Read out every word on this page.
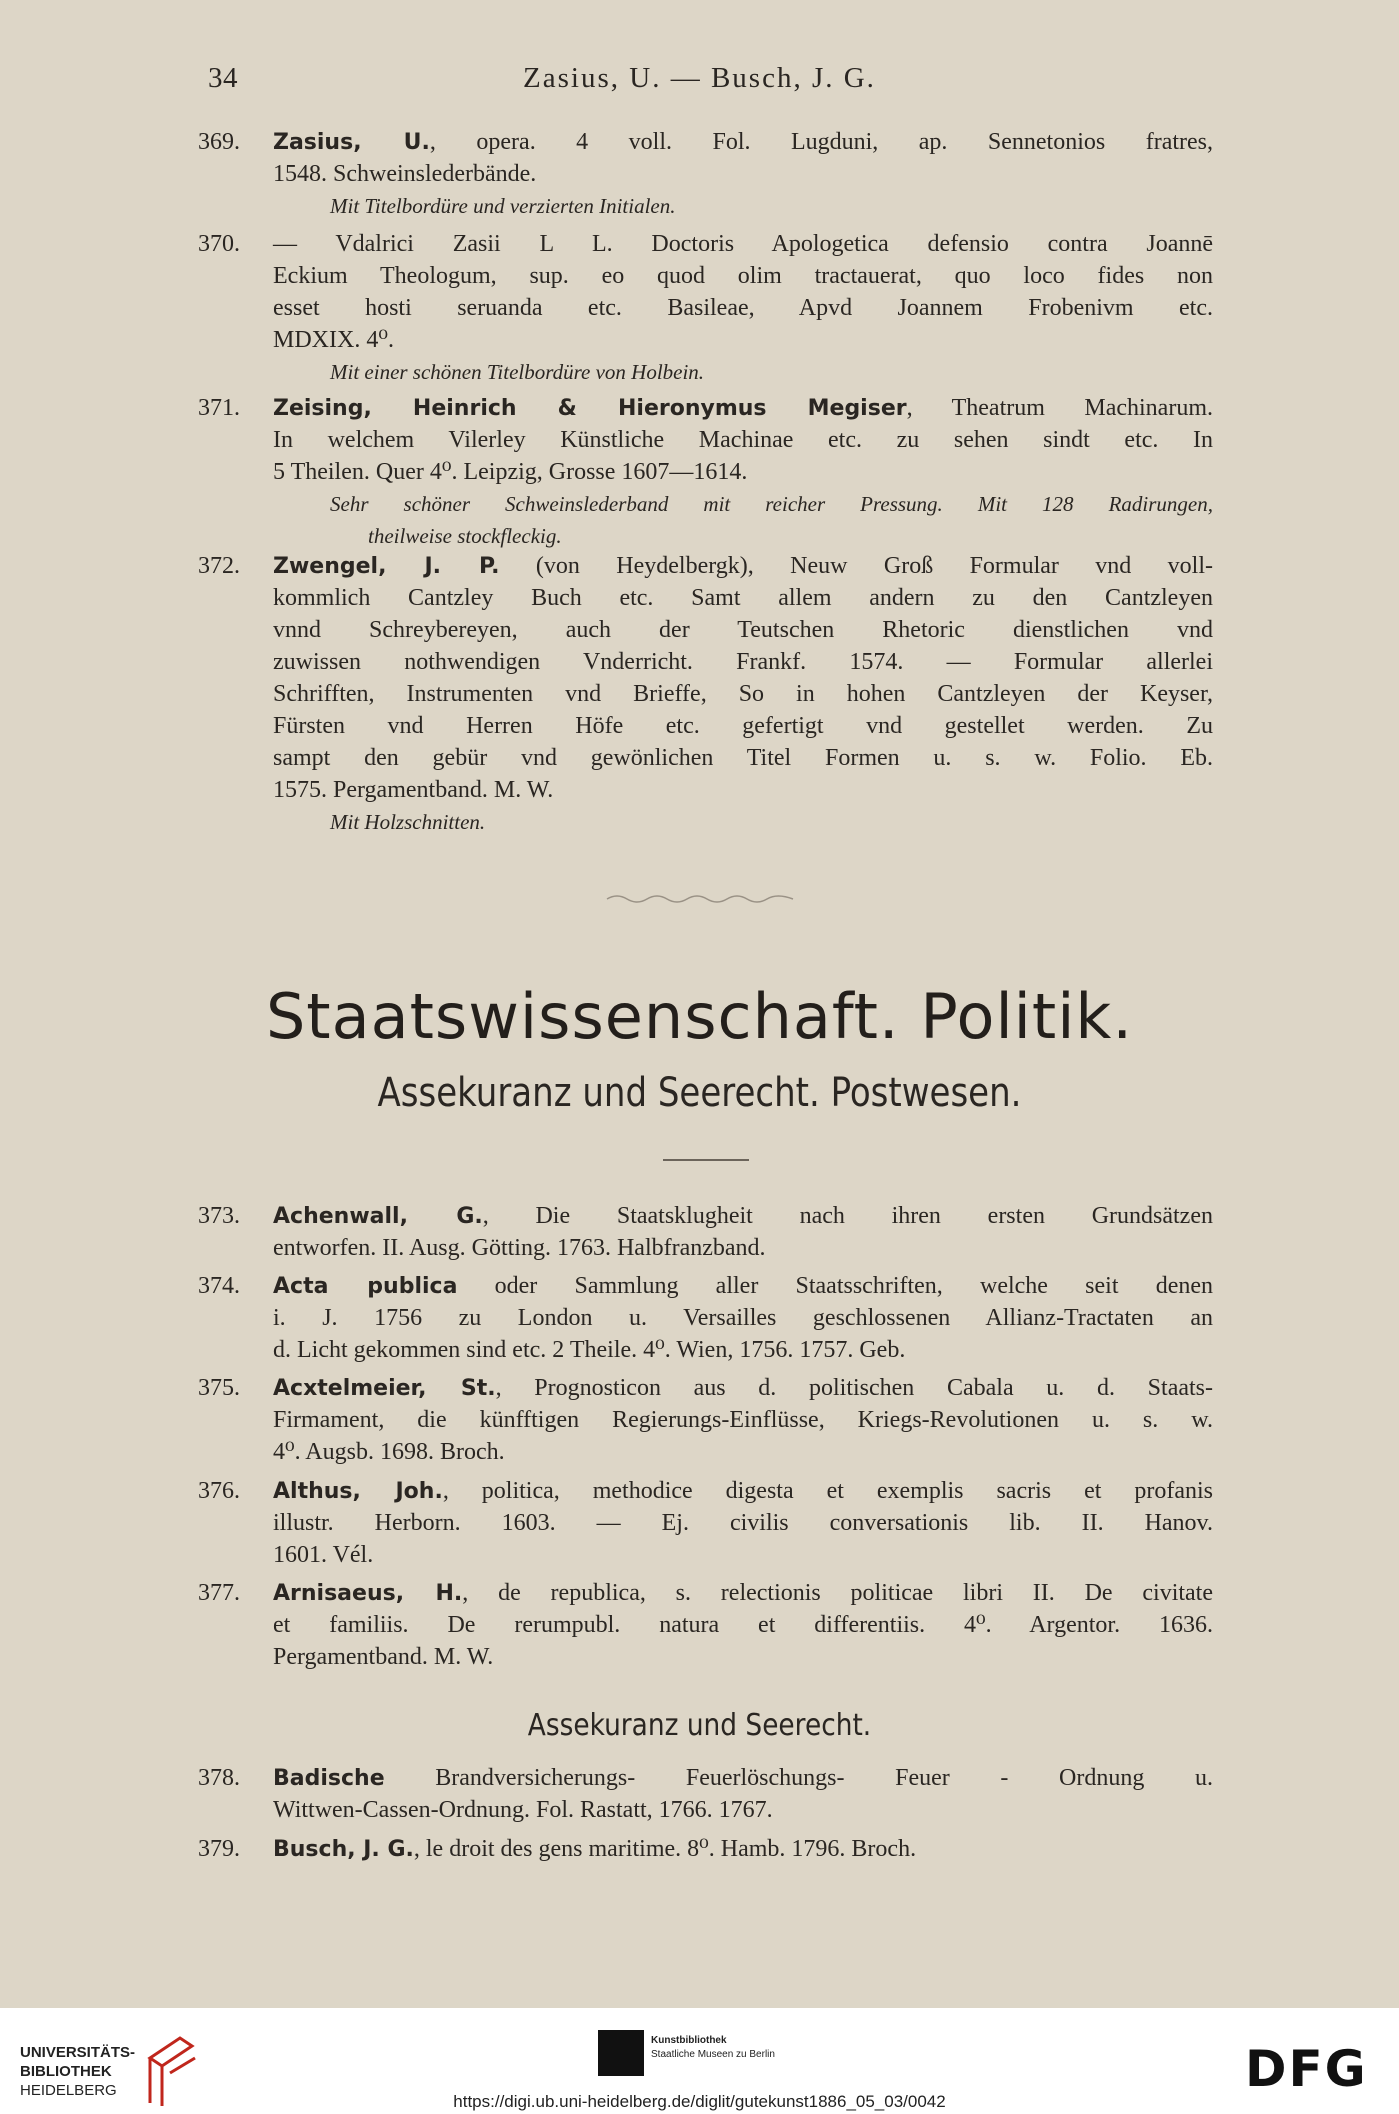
34	Zasius, U. — Busch, J. G.
369. Zasius, U., opera. 4 voll. Fol. Lugduni, ap. Sennetonios fratres,
1548. Schweinslederbände.
Mit Titelbordüre und verzierten Initialen.
370. — Vdalrici Zasii L L. Doctoris Apologetica defensio contra Joannē
Eckium Theologum, sup. eo quod olim tractauerat, quo loco fides non
esset hosti seruanda etc. Basileae, Apvd Joannem Frobenivm etc.
MDXIX. 4⁰.
Mit einer schönen Titelbordüre von Holbein.
371. Zeising, Heinrich & Hieronymus Megiser, Theatrum Machinarum.
In welchem Vilerley Künstliche Machinae etc. zu sehen sindt etc. In
5 Theilen. Quer 4⁰. Leipzig, Grosse 1607—1614.
Sehr schöner Schweinslederband mit reicher Pressung. Mit 128 Radirungen,
theilweise stockfleckig.
372. Zwengel, J. P. (von Heydelbergk), Neuw Groß Formular vnd voll-
kommlich Cantzley Buch etc. Samt allem andern zu den Cantzleyen
vnnd Schreybereyen, auch der Teutschen Rhetoric dienstlichen vnd
zuwissen nothwendigen Vnderricht. Frankf. 1574. — Formular allerlei
Schrifften, Instrumenten vnd Brieffe, So in hohen Cantzleyen der Keyser,
Fürsten vnd Herren Höfe etc. gefertigt vnd gestellet werden. Zu
sampt den gebür vnd gewönlichen Titel Formen u. s. w. Folio. Eb.
1575. Pergamentband. M. W.
Mit Holzschnitten.
Staatswissenschaft. Politik.
Assekuranz und Seerecht. Postwesen.
373. Achenwall, G., Die Staatsklugheit nach ihren ersten Grundsätzen
entworfen. II. Ausg. Götting. 1763. Halbfranzband.
374. Acta publica oder Sammlung aller Staatsschriften, welche seit denen
i. J. 1756 zu London u. Versailles geschlossenen Allianz-Tractaten an
d. Licht gekommen sind etc. 2 Theile. 4⁰. Wien, 1756. 1757. Geb.
375. Acxtelmeier, St., Prognosticon aus d. politischen Cabala u. d. Staats-
Firmament, die künfftigen Regierungs-Einflüsse, Kriegs-Revolutionen u. s. w.
4⁰. Augsb. 1698. Broch.
376. Althus, Joh., politica, methodice digesta et exemplis sacris et profanis
illustr. Herborn. 1603. — Ej. civilis conversationis lib. II. Hanov.
1601. Vél.
377. Arnisaeus, H., de republica, s. relectionis politicae libri II. De civitate
et familiis. De rerumpubl. natura et differentiis. 4⁰. Argentor. 1636.
Pergamentband. M. W.
Assekuranz und Seerecht.
378. Badische Brandversicherungs- Feuerlöschungs- Feuer - Ordnung u.
Wittwen-Cassen-Ordnung. Fol. Rastatt, 1766. 1767.
379. Busch, J. G., le droit des gens maritime. 8⁰. Hamb. 1796. Broch.
UNIVERSITÄTS-
BIBLIOTHEK
HEIDELBERG
Kunstbibliothek
Staatliche Museen zu Berlin	DFG
https://digi.ub.uni-heidelberg.de/diglit/gutekunst1886_05_03/0042
